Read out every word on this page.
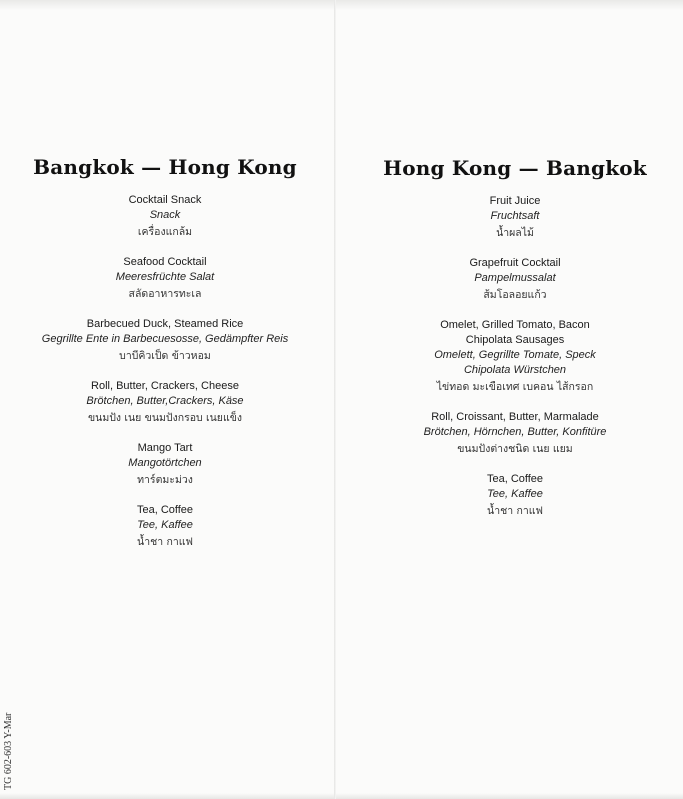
Bangkok — Hong Kong
Cocktail Snack
Snack
เครื่องแกล้ม
Seafood Cocktail
Meeresfrüchte Salat
สลัดอาหารทะเล
Barbecued Duck, Steamed Rice
Gegrillte Ente in Barbecuesosse, Gedämpfter Reis
บาบีคิวเป็ด ข้าวหอม
Roll, Butter, Crackers, Cheese
Brötchen, Butter,Crackers, Käse
ขนมปัง เนย ขนมปังกรอบ เนยแข็ง
Mango Tart
Mangotörtchen
ทาร์ตมะม่วง
Tea, Coffee
Tee, Kaffee
น้ำชา กาแฟ
Hong Kong — Bangkok
Fruit Juice
Fruchtsaft
น้ำผลไม้
Grapefruit Cocktail
Pampelmussalat
ส้มโอลอยแก้ว
Omelet, Grilled Tomato, Bacon
Chipolata Sausages
Omelett, Gegrillte Tomate, Speck
Chipolata Würstchen
ไข่ทอด มะเขือเทศ เบคอน ไส้กรอก
Roll, Croissant, Butter, Marmalade
Brötchen, Hörnchen, Butter, Konfitüre
ขนมปังต่างชนิด เนย แยม
Tea, Coffee
Tee, Kaffee
น้ำชา กาแฟ
TG 602-603 Y-Mar
